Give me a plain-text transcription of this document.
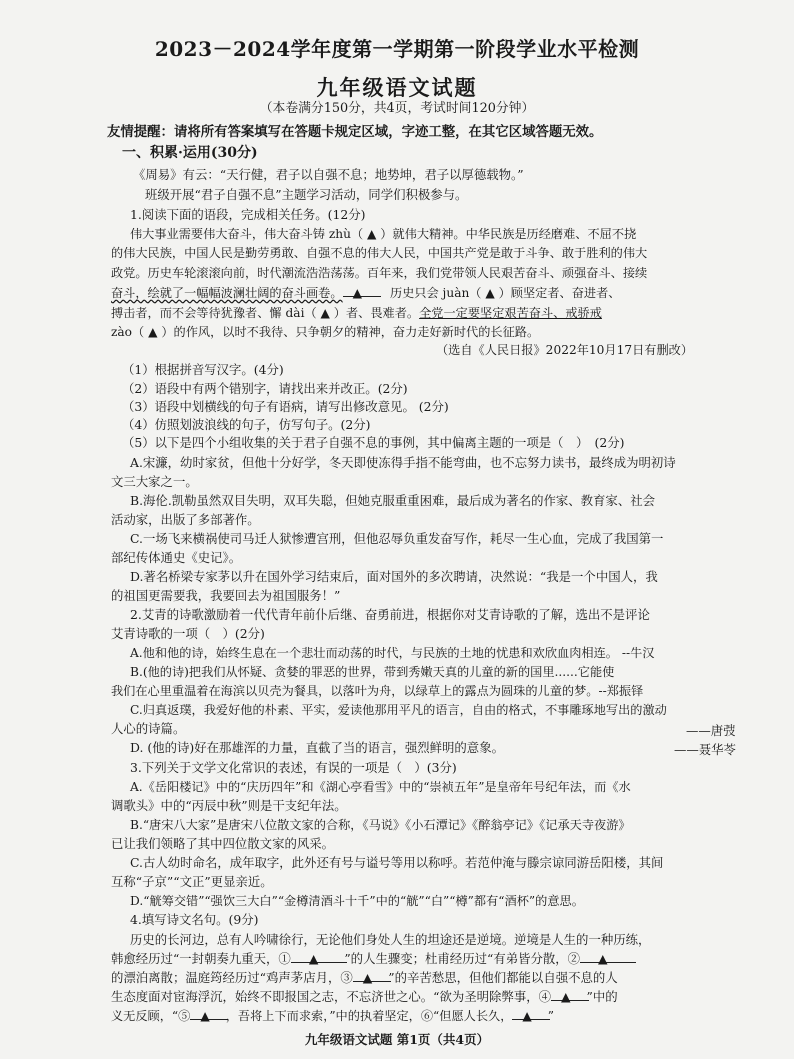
2023－2024学年度第一学期第一阶段学业水平检测
九年级语文试题
（本卷满分150分，共4页，考试时间120分钟）
友情提醒：请将所有答案填写在答题卡规定区域，字迹工整，在其它区域答题无效。
一、积累·运用(30分)
《周易》有云：“天行健，君子以自强不息；地势坤，君子以厚德载物。”
班级开展“君子自强不息”主题学习活动，同学们积极参与。
1.阅读下面的语段，完成相关任务。(12分)
伟大事业需要伟大奋斗，伟大奋斗铸 zhù（ ▲ ）就伟大精神。中华民族是历经磨难、不屈不挠
的伟大民族，中国人民是勤劳勇敢、自强不息的伟大人民，中国共产党是敢于斗争、敢于胜利的伟大
政党。历史车轮滚滚向前，时代潮流浩浩荡荡。百年来，我们党带领人民艰苦奋斗、顽强奋斗、接续
奋斗，绘就了一幅幅波澜壮阔的奋斗画卷。 ▲ 历史只会 juàn（ ▲ ）顾坚定者、奋进者、
搏击者，而不会等待犹豫者、懈 dài（ ▲ ）者、畏难者。全党一定要坚定艰苦奋斗、戒骄戒
zào（ ▲ ）的作风，以时不我待、只争朝夕的精神，奋力走好新时代的长征路。
（选自《人民日报》2022年10月17日有删改）
（1）根据拼音写汉字。(4分)
（2）语段中有两个错别字，请找出来并改正。(2分)
（3）语段中划横线的句子有语病，请写出修改意见。 (2分)
（4）仿照划波浪线的句子，仿写句子。(2分)
（5）以下是四个小组收集的关于君子自强不息的事例，其中偏离主题的一项是（　）　(2分)
A.宋濂，幼时家贫，但他十分好学，冬天即使冻得手指不能弯曲，也不忘努力读书，最终成为明初诗
文三大家之一。
B.海伦.凯勒虽然双目失明，双耳失聪，但她克服重重困难，最后成为著名的作家、教育家、社会
活动家，出版了多部著作。
C.一场飞来横祸使司马迁人狱惨遭宫刑，但他忍辱负重发奋写作，耗尽一生心血，完成了我国第一
部纪传体通史《史记》。
D.著名桥梁专家茅以升在国外学习结束后，面对国外的多次聘请，决然说：“我是一个中国人，我
的祖国更需要我，我要回去为祖国服务！”
2.艾青的诗歌激励着一代代青年前仆后继、奋勇前进，根据你对艾青诗歌的了解，选出不是评论
艾青诗歌的一项（　）(2分)
A.他和他的诗，始终生息在一个悲壮而动荡的时代，与民族的土地的忧患和欢欣血肉相连。 --牛汉
B.(他的诗)把我们从怀疑、贪婪的罪恶的世界，带到秀嫩天真的儿童的新的国里......它能使
我们在心里重温着在海滨以贝壳为餐具，以落叶为舟，以绿草上的露点为圆珠的儿童的梦。--郑振铎
C.归真返璞，我爱好他的朴素、平实，爱读他那用平凡的语言，自由的格式，不事雕琢地写出的激动
人心的诗篇。	——唐弢
D. (他的诗)好在那雄浑的力量，直截了当的语言，强烈鲜明的意象。	——聂华苓
3.下列关于文学文化常识的表述，有误的一项是（　）(3分)
A.《岳阳楼记》中的“庆历四年”和《湖心亭看雪》中的“崇祯五年”是皇帝年号纪年法，而《水
调歌头》中的“丙辰中秋”则是干支纪年法。
B.“唐宋八大家”是唐宋八位散文家的合称，《马说》《小石潭记》《醉翁亭记》《记承天寺夜游》
已让我们领略了其中四位散文家的风采。
C.古人幼时命名，成年取字，此外还有号与谥号等用以称呼。若范仲淹与滕宗谅同游岳阳楼，其间
互称“子京”“文正”更显亲近。
D.“觥筹交错”“强饮三大白”“金樽清酒斗十千”中的“觥”“白”“樽”都有“酒杯”的意思。
4.填写诗文名句。(9分)
历史的长河边，总有人吟啸徐行，无论他们身处人生的坦途还是逆境。逆境是人生的一种历练，
韩愈经历过“一封朝奏九重天，① ▲ ”的人生骤变；杜甫经历过“有弟皆分散，② ▲
的漂泊离散；温庭筠经历过“鸡声茅店月，③ ▲ ”的辛苦愁思，但他们都能以自强不息的人
生态度面对宦海浮沉，始终不即报国之志，不忘济世之心。“欲为圣明除弊事，④ ▲ ”中的
义无反顾，“⑤ ▲ ，吾将上下而求索，”中的执着坚定，⑥“但愿人长久， ▲ ”
九年级语文试题 第1页（共4页）
